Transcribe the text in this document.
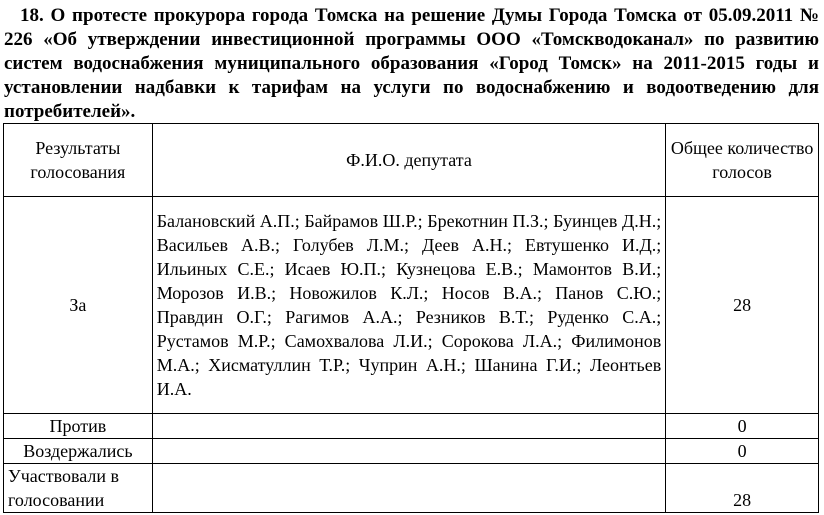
18. О протесте прокурора города Томска на решение Думы Города Томска от 05.09.2011 № 226 «Об утверждении инвестиционной программы ООО «Томскводоканал» по развитию систем водоснабжения муниципального образования «Город Томск» на 2011-2015 годы и установлении надбавки к тарифам на услуги по водоснабжению и водоотведению для потребителей».
Результаты голосования	Ф.И.О. депутата	Общее количество голосов
За	Балановский А.П.; Байрамов Ш.Р.; Брекотнин П.З.; Буинцев Д.Н.; Васильев А.В.; Голубев Л.М.; Деев А.Н.; Евтушенко И.Д.; Ильиных С.Е.; Исаев Ю.П.; Кузнецова Е.В.; Мамонтов В.И.; Морозов И.В.; Новожилов К.Л.; Носов В.А.; Панов С.Ю.; Правдин О.Г.; Рагимов А.А.; Резников В.Т.; Руденко С.А.; Рустамов М.Р.; Самохвалова Л.И.; Сорокова Л.А.; Филимонов М.А.; Хисматуллин Т.Р.; Чуприн А.Н.; Шанина Г.И.; Леонтьев И.А.	28
Против		0
Воздержались		0
Участвовали в голосовании		28
